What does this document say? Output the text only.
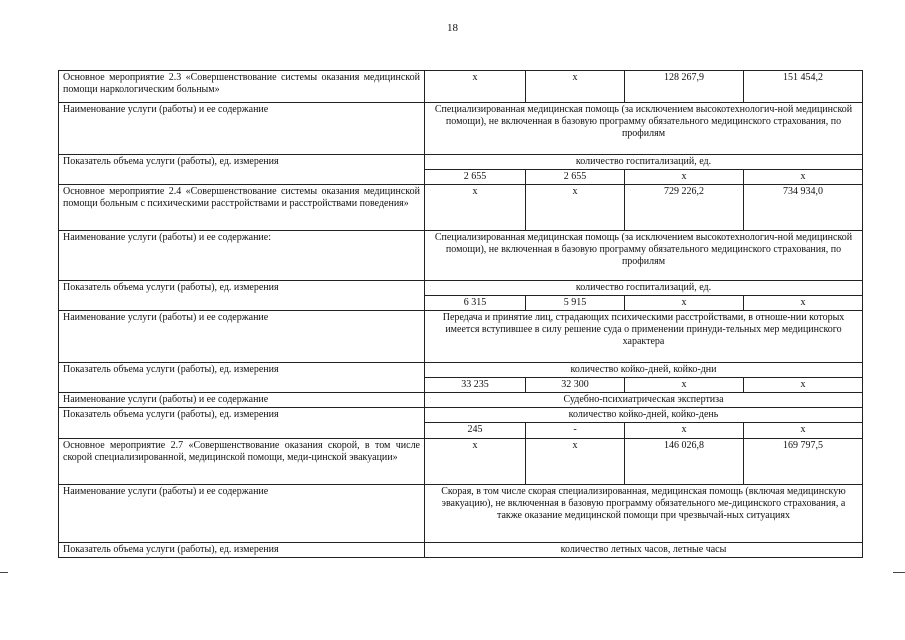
18
Основное мероприятие 2.3 «Совершенствование системы оказания медицинской помощи наркологическим больным»	x	x	128 267,9	151 454,2
Наименование услуги (работы) и ее содержание	Специализированная медицинская помощь (за исключением высокотехнологич-ной медицинской помощи), не включенная в базовую программу обязательного медицинского страхования, по профилям			
Показатель объема услуги (работы), ед. измерения	количество госпитализаций, ед.			
	2 655	2 655	x	x
Основное мероприятие 2.4 «Совершенствование системы оказания медицинской помощи больным с психическими расстройствами и расстройствами поведения»	x	x	729 226,2	734 934,0
Наименование услуги (работы) и ее содержание:	Специализированная медицинская помощь (за исключением высокотехнологич-ной медицинской помощи), не включенная в базовую программу обязательного медицинского страхования, по профилям			
Показатель объема услуги (работы), ед. измерения	количество госпитализаций, ед.			
	6 315	5 915	x	x
Наименование услуги (работы) и ее содержание	Передача и принятие лиц, страдающих психическими расстройствами, в отноше-нии которых имеется вступившее в силу решение суда о применении принуди-тельных мер медицинского характера			
Показатель объема услуги (работы), ед. измерения	количество койко-дней, койко-дни			
	33 235	32 300	x	x
Наименование услуги (работы) и ее содержание	Судебно-психиатрическая экспертиза			
Показатель объема услуги (работы), ед. измерения	количество койко-дней, койко-день			
	245	-	x	x
Основное мероприятие 2.7 «Совершенствование оказания скорой, в том числе скорой специализированной, медицинской помощи, меди-цинской эвакуации»	x	x	146 026,8	169 797,5
Наименование услуги (работы) и ее содержание	Скорая, в том числе скорая специализированная, медицинская помощь (включая медицинскую эвакуацию), не включенная в базовую программу обязательного ме-дицинского страхования, а также оказание медицинской помощи при чрезвычай-ных ситуациях			
Показатель объема услуги (работы), ед. измерения	количество летных часов, летные часы			
